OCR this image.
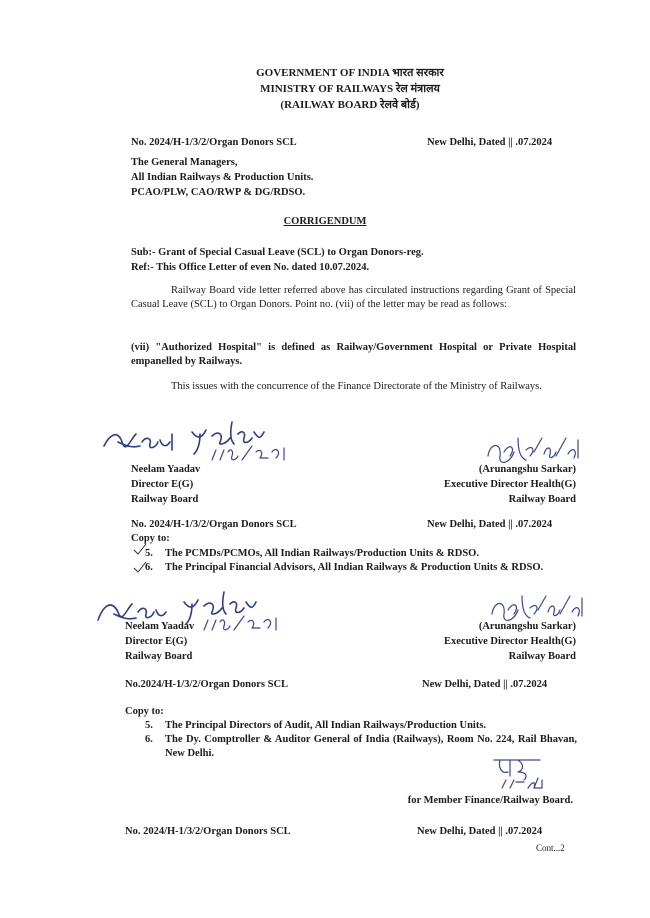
GOVERNMENT OF INDIA भारत सरकार
MINISTRY OF RAILWAYS रेल मंत्रालय
(RAILWAY BOARD रेलवे बोर्ड)
No. 2024/H-1/3/2/Organ Donors SCL	New Delhi, Dated || .07.2024
The General Managers,
All Indian Railways & Production Units.
PCAO/PLW, CAO/RWP & DG/RDSO.
CORRIGENDUM
Sub:- Grant of Special Casual Leave (SCL) to Organ Donors-reg.
Ref:- This Office Letter of even No. dated 10.07.2024.
Railway Board vide letter referred above has circulated instructions regarding Grant of Special Casual Leave (SCL) to Organ Donors. Point no. (vii) of the letter may be read as follows:
(vii) "Authorized Hospital" is defined as Railway/Government Hospital or Private Hospital empanelled by Railways.
This issues with the concurrence of the Finance Directorate of the Ministry of Railways.
Neelam Yaadav
Director E(G)
Railway Board
(Arunangshu Sarkar)
Executive Director Health(G)
Railway Board
No. 2024/H-1/3/2/Organ Donors SCL	New Delhi, Dated || .07.2024
Copy to:
5. The PCMDs/PCMOs, All Indian Railways/Production Units & RDSO.
6. The Principal Financial Advisors, All Indian Railways & Production Units & RDSO.
Neelam Yaadav
Director E(G)
Railway Board
(Arunangshu Sarkar)
Executive Director Health(G)
Railway Board
No.2024/H-1/3/2/Organ Donors SCL	New Delhi, Dated || .07.2024
Copy to:
5. The Principal Directors of Audit, All Indian Railways/Production Units.
6. The Dy. Comptroller & Auditor General of India (Railways), Room No. 224, Rail Bhavan, New Delhi.
for Member Finance/Railway Board.
No. 2024/H-1/3/2/Organ Donors SCL	New Delhi, Dated || .07.2024
Cont...2
